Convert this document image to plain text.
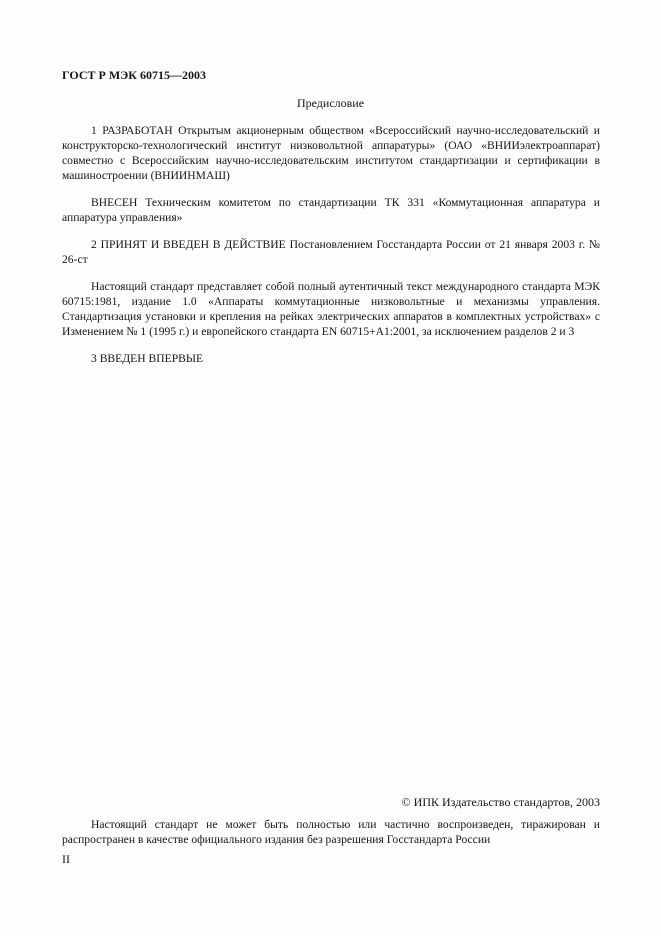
ГОСТ Р МЭК 60715—2003
Предисловие

1 РАЗРАБОТАН Открытым акционерным обществом «Всероссийский научно-исследовательский и конструкторско-технологический институт низковольтной аппаратуры» (ОАО «ВНИИэлектроаппарат) совместно с Всероссийским научно-исследовательским институтом стандартизации и сертификации в машиностроении (ВНИИНМАШ)

ВНЕСЕН Техническим комитетом по стандартизации ТК 331 «Коммутационная аппаратура и аппаратура управления»

2 ПРИНЯТ И ВВЕДЕН В ДЕЙСТВИЕ Постановлением Госстандарта России от 21 января 2003 г. № 26-ст

Настоящий стандарт представляет собой полный аутентичный текст международного стандарта МЭК 60715:1981, издание 1.0 «Аппараты коммутационные низковольтные и механизмы управления. Стандартизация установки и крепления на рейках электрических аппаратов в комплектных устройствах» с Изменением № 1 (1995 г.) и европейского стандарта EN 60715+A1:2001, за исключением разделов 2 и 3

3 ВВЕДЕН ВПЕРВЫЕ

© ИПК Издательство стандартов, 2003

Настоящий стандарт не может быть полностью или частично воспроизведен, тиражирован и распространен в качестве официального издания без разрешения Госстандарта России

II
